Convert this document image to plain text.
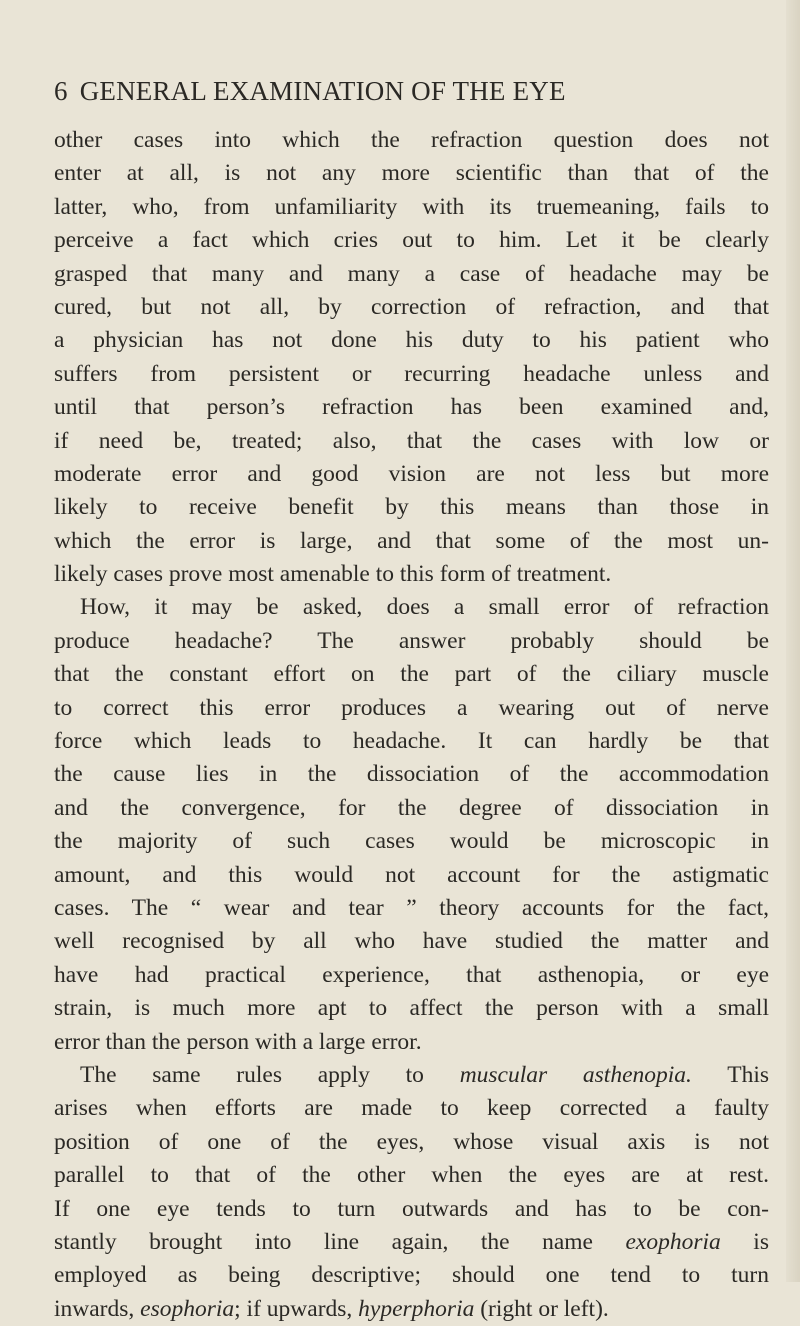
6 GENERAL EXAMINATION OF THE EYE
other cases into which the refraction question does not
enter at all, is not any more scientific than that of the
latter, who, from unfamiliarity with its truemeaning, fails to
perceive a fact which cries out to him. Let it be clearly
grasped that many and many a case of headache may be
cured, but not all, by correction of refraction, and that
a physician has not done his duty to his patient who
suffers from persistent or recurring headache unless and
until that person’s refraction has been examined and,
if need be, treated; also, that the cases with low or
moderate error and good vision are not less but more
likely to receive benefit by this means than those in
which the error is large, and that some of the most un-
likely cases prove most amenable to this form of treatment.
How, it may be asked, does a small error of refraction
produce headache? The answer probably should be
that the constant effort on the part of the ciliary muscle
to correct this error produces a wearing out of nerve
force which leads to headache. It can hardly be that
the cause lies in the dissociation of the accommodation
and the convergence, for the degree of dissociation in
the majority of such cases would be microscopic in
amount, and this would not account for the astigmatic
cases. The “ wear and tear ” theory accounts for the fact,
well recognised by all who have studied the matter and
have had practical experience, that asthenopia, or eye
strain, is much more apt to affect the person with a small
error than the person with a large error.
The same rules apply to muscular asthenopia. This
arises when efforts are made to keep corrected a faulty
position of one of the eyes, whose visual axis is not
parallel to that of the other when the eyes are at rest.
If one eye tends to turn outwards and has to be con-
stantly brought into line again, the name exophoria is
employed as being descriptive; should one tend to turn
inwards, esophoria; if upwards, hyperphoria (right or left).
